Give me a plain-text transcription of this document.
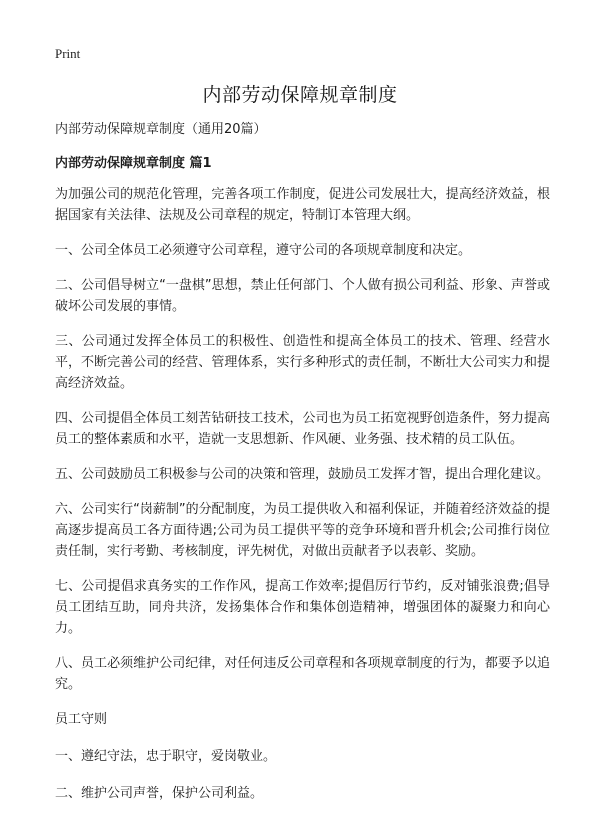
Print
内部劳动保障规章制度
内部劳动保障规章制度（通用20篇）
内部劳动保障规章制度 篇1

为加强公司的规范化管理，完善各项工作制度，促进公司发展壮大，提高经济效益，根据国家有关法律、法规及公司章程的规定，特制订本管理大纲。

一、公司全体员工必须遵守公司章程，遵守公司的各项规章制度和决定。

二、公司倡导树立“一盘棋”思想，禁止任何部门、个人做有损公司利益、形象、声誉或破坏公司发展的事情。

三、公司通过发挥全体员工的积极性、创造性和提高全体员工的技术、管理、经营水平，不断完善公司的经营、管理体系，实行多种形式的责任制，不断壮大公司实力和提高经济效益。

四、公司提倡全体员工刻苦钻研技工技术，公司也为员工拓宽视野创造条件，努力提高员工的整体素质和水平，造就一支思想新、作风硬、业务强、技术精的员工队伍。

五、公司鼓励员工积极参与公司的决策和管理，鼓励员工发挥才智，提出合理化建议。

六、公司实行“岗薪制”的分配制度，为员工提供收入和福利保证，并随着经济效益的提高逐步提高员工各方面待遇;公司为员工提供平等的竞争环境和晋升机会;公司推行岗位责任制，实行考勤、考核制度，评先树优，对做出贡献者予以表彰、奖励。

七、公司提倡求真务实的工作作风，提高工作效率;提倡厉行节约，反对铺张浪费;倡导员工团结互助，同舟共济，发扬集体合作和集体创造精神，增强团体的凝聚力和向心力。

八、员工必须维护公司纪律，对任何违反公司章程和各项规章制度的行为，都要予以追究。

员工守则

一、遵纪守法，忠于职守，爱岗敬业。

二、维护公司声誉，保护公司利益。
